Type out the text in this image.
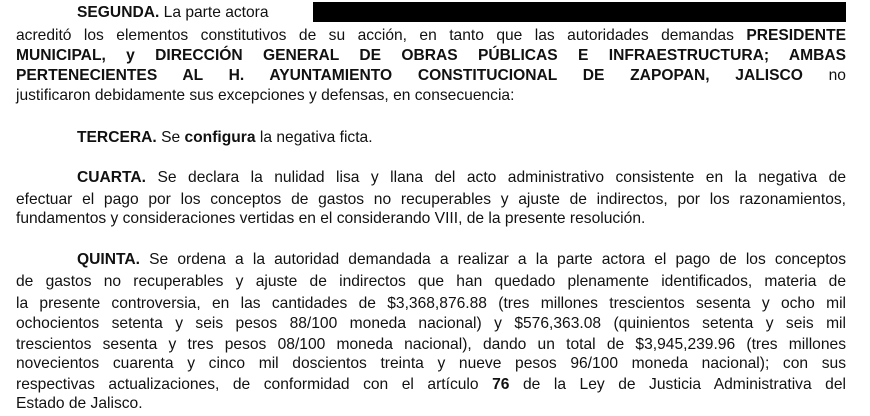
SEGUNDA. La parte actora
acreditó los elementos constitutivos de su acción, en tanto que las autoridades demandas PRESIDENTE
MUNICIPAL, y DIRECCIÓN GENERAL DE OBRAS PÚBLICAS E INFRAESTRUCTURA; AMBAS
PERTENECIENTES AL H. AYUNTAMIENTO CONSTITUCIONAL DE ZAPOPAN, JALISCO no
justificaron debidamente sus excepciones y defensas, en consecuencia:
TERCERA. Se configura la negativa ficta.
CUARTA. Se declara la nulidad lisa y llana del acto administrativo consistente en la negativa de
efectuar el pago por los conceptos de gastos no recuperables y ajuste de indirectos, por los razonamientos,
fundamentos y consideraciones vertidas en el considerando VIII, de la presente resolución.
QUINTA. Se ordena a la autoridad demandada a realizar a la parte actora el pago de los conceptos
de gastos no recuperables y ajuste de indirectos que han quedado plenamente identificados, materia de
la presente controversia, en las cantidades de $3,368,876.88 (tres millones trescientos sesenta y ocho mil
ochocientos setenta y seis pesos 88/100 moneda nacional) y $576,363.08 (quinientos setenta y seis mil
trescientos sesenta y tres pesos 08/100 moneda nacional), dando un total de $3,945,239.96 (tres millones
novecientos cuarenta y cinco mil doscientos treinta y nueve pesos 96/100 moneda nacional); con sus
respectivas actualizaciones, de conformidad con el artículo 76 de la Ley de Justicia Administrativa del
Estado de Jalisco.
